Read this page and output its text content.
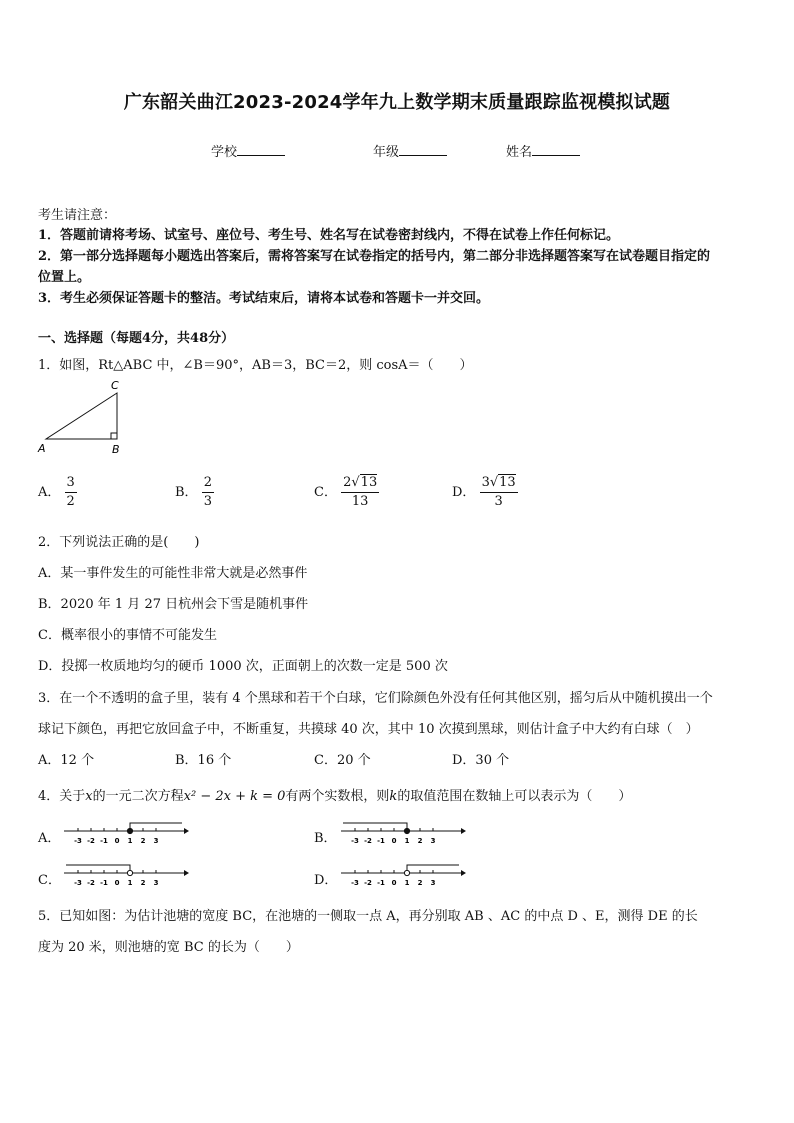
广东韶关曲江2023-2024学年九上数学期末质量跟踪监视模拟试题
学校	年级	姓名
考生请注意：
1．答题前请将考场、试室号、座位号、考生号、姓名写在试卷密封线内，不得在试卷上作任何标记。
2．第一部分选择题每小题选出答案后，需将答案写在试卷指定的括号内，第二部分非选择题答案写在试卷题目指定的
位置上。
3．考生必须保证答题卡的整洁。考试结束后，请将本试卷和答题卡一并交回。
一、选择题（每题4分，共48分）
1．如图，Rt△ABC 中，∠B＝90°，AB＝3，BC＝2，则 cosA＝（　　）
A	B
C
A． $\frac{3}{2}$	B． $\frac{2}{3}$	C． $\frac{2√13}{13}$	D． $\frac{3√13}{3}$
2．下列说法正确的是(　　)
A．某一事件发生的可能性非常大就是必然事件
B．2020 年 1 月 27 日杭州会下雪是随机事件
C．概率很小的事情不可能发生
D．投掷一枚质地均匀的硬币 1000 次，正面朝上的次数一定是 500 次
3．在一个不透明的盒子里，装有 4 个黑球和若干个白球，它们除颜色外没有任何其他区别，摇匀后从中随机摸出一个
球记下颜色，再把它放回盒子中，不断重复，共摸球 40 次，其中 10 次摸到黑球，则估计盒子中大约有白球（　）
A．12 个	B．16 个	C．20 个	D．30 个
4．关于x的一元二次方程x² − 2x + k = 0有两个实数根，则k的取值范围在数轴上可以表示为（　　）
A． -3 -2 -1 0 1 2 3	B． -3 -2 -1 0 1 2 3
C． -3 -2 -1 0 1 2 3	D． -3 -2 -1 0 1 2 3
5．已知如图：为估计池塘的宽度 BC，在池塘的一侧取一点 A，再分别取 AB 、AC 的中点 D 、E，测得 DE 的长
度为 20 米，则池塘的宽 BC 的长为（　　）
